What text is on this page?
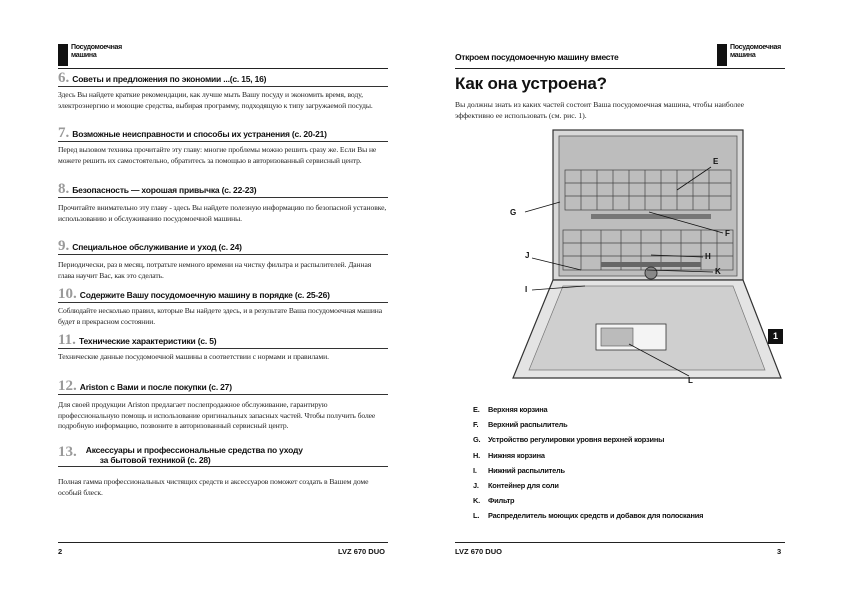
Посудомоечная
машина
6. Советы и предложения по экономии ...(с. 15, 16)
Здесь Вы найдете краткие рекомендации, как лучше мыть Вашу посуду и экономить время, воду, электроэнергию и моющие средства, выбирая программу, подходящую к типу загружаемой посуды.
7. Возможные неисправности и способы их устранения (с. 20-21)
Перед вызовом техника прочитайте эту главу: многие проблемы можно решить сразу же. Если Вы не можете решить их самостоятельно, обратитесь за помощью в авторизованный сервисный центр.
8. Безопасность — хорошая привычка (с. 22-23)
Прочитайте внимательно эту главу - здесь Вы найдете полезную информацию по безопасной установке, использованию и обслуживанию посудомоечной машины.
9. Специальное обслуживание и уход (с. 24)
Периодически, раз в месяц, потратьте немного времени на чистку фильтра и распылителей. Данная глава научит Вас, как это сделать.
10. Содержите Вашу посудомоечную машину в порядке (с. 25-26)
Соблюдайте несколько правил, которые Вы найдете здесь, и в результате Ваша посудомоечная машина будет в прекрасном состоянии.
11. Технические характеристики (с. 5)
Технические данные посудомоечной машины в соответствии с нормами и правилами.
12. Ariston с Вами и после покупки (с. 27)
Для своей продукции Ariston предлагает послепродажное обслуживание, гарантирую профессиональную помощь и использование оригинальных запасных частей. Чтобы получить более подробную информацию, позвоните в авторизованный сервисный центр.
13. Аксессуары и профессиональные средства по уходу
за бытовой техникой (с. 28)
Полная гамма профессиональных чистящих средств и аксессуаров поможет создать в Вашем доме особый блеск.
2	LVZ 670 DUO
Откроем посудомоечную машину вместе
Посудомоечная
машина
Как она устроена?
Вы должны знать из каких частей состоит Ваша посудомоечная машина, чтобы наиболее эффективно ее использовать (см. рис. 1).
E
G
F
J	H
K
I
L
1
E.	Верхняя корзина
F.	Верхний распылитель
G.	Устройство регулировки уровня верхней корзины
H.	Нижняя корзина
I.	Нижний распылитель
J.	Контейнер для соли
K.	Фильтр
L.	Распределитель моющих средств и добавок для полоскания
LVZ 670 DUO	3
